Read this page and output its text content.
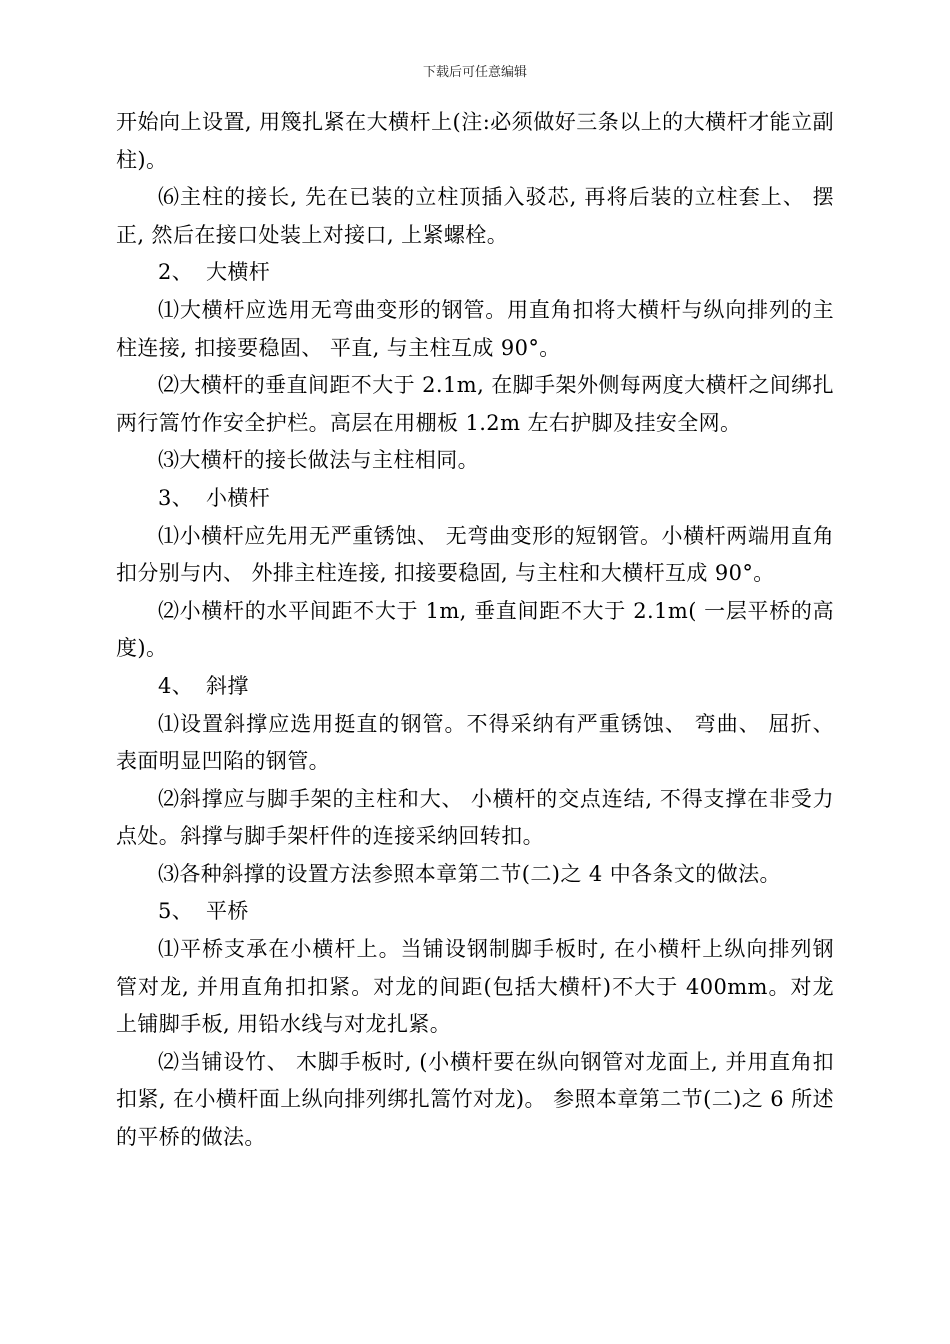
下载后可任意编辑

开始向上设置, 用篾扎紧在大横杆上(注:必须做好三条以上的大横杆才能立副柱)。

⑹主柱的接长, 先在已装的立柱顶插入驳芯, 再将后装的立柱套上、 摆正, 然后在接口处装上对接口, 上紧螺栓。

2、 大横杆

⑴大横杆应选用无弯曲变形的钢管。用直角扣将大横杆与纵向排列的主柱连接, 扣接要稳固、 平直, 与主柱互成 90°。

⑵大横杆的垂直间距不大于 2.1m, 在脚手架外侧每两度大横杆之间绑扎两行篙竹作安全护栏。高层在用棚板 1.2m 左右护脚及挂安全网。

⑶大横杆的接长做法与主柱相同。

3、 小横杆

⑴小横杆应先用无严重锈蚀、 无弯曲变形的短钢管。小横杆两端用直角扣分别与内、 外排主柱连接, 扣接要稳固, 与主柱和大横杆互成 90°。

⑵小横杆的水平间距不大于 1m, 垂直间距不大于 2.1m( 一层平桥的高度)。

4、 斜撑

⑴设置斜撑应选用挺直的钢管。不得采纳有严重锈蚀、 弯曲、 屈折、 表面明显凹陷的钢管。

⑵斜撑应与脚手架的主柱和大、 小横杆的交点连结, 不得支撑在非受力点处。斜撑与脚手架杆件的连接采纳回转扣。

⑶各种斜撑的设置方法参照本章第二节(二)之 4 中各条文的做法。

5、 平桥

⑴平桥支承在小横杆上。当铺设钢制脚手板时, 在小横杆上纵向排列钢管对龙, 并用直角扣扣紧。对龙的间距(包括大横杆)不大于 400mm。对龙上铺脚手板, 用铅水线与对龙扎紧。

⑵当铺设竹、 木脚手板时, (小横杆要在纵向钢管对龙面上, 并用直角扣扣紧, 在小横杆面上纵向排列绑扎篙竹对龙)。 参照本章第二节(二)之 6 所述的平桥的做法。
